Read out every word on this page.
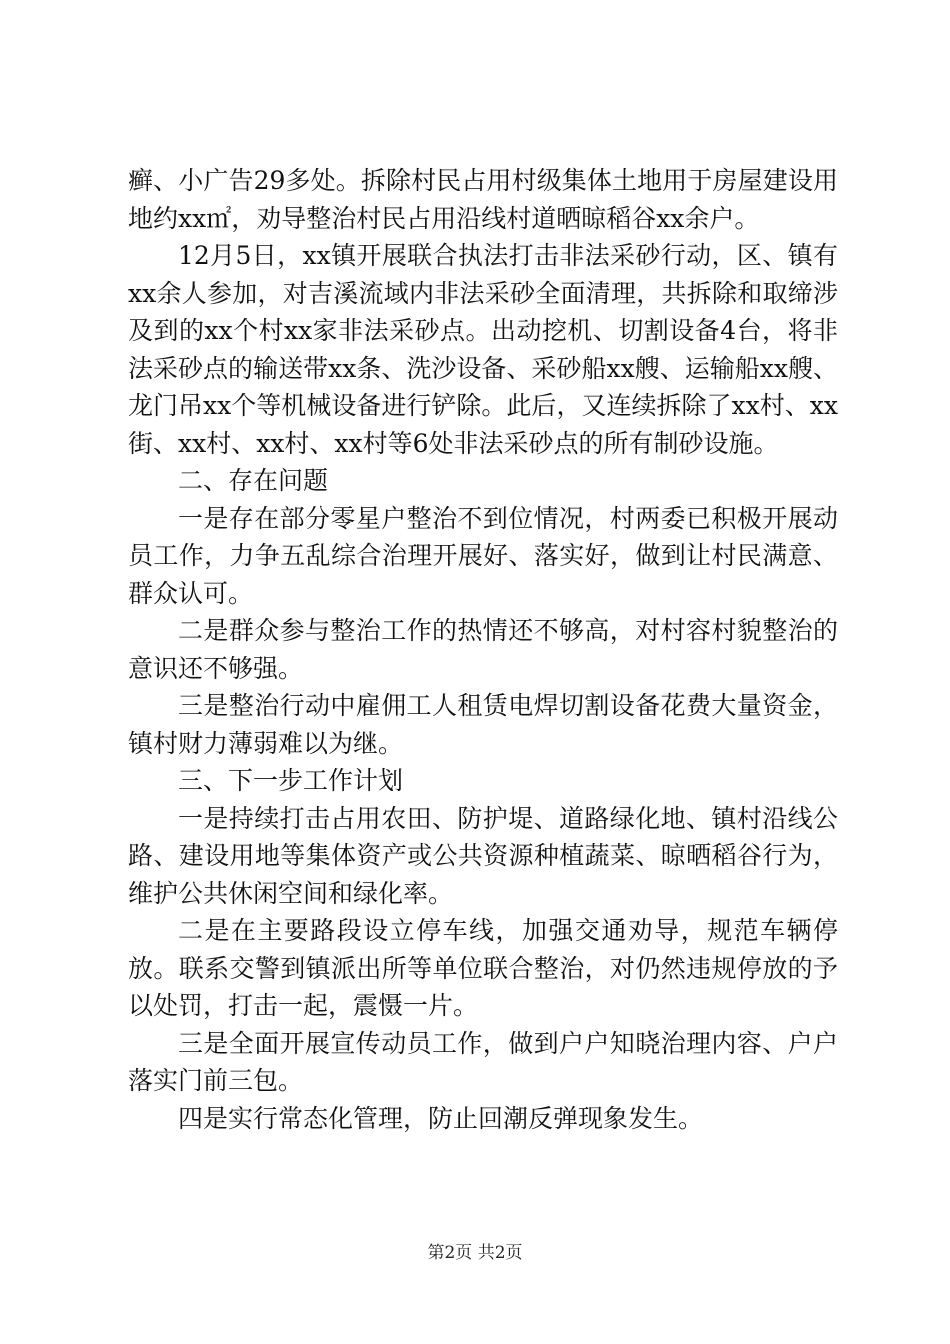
癣、小广告29多处。拆除村民占用村级集体土地用于房屋建设用地约xx㎡，劝导整治村民占用沿线村道晒晾稻谷xx余户。

12月5日，xx镇开展联合执法打击非法采砂行动，区、镇有xx余人参加，对吉溪流域内非法采砂全面清理，共拆除和取缔涉及到的xx个村xx家非法采砂点。出动挖机、切割设备4台，将非法采砂点的输送带xx条、洗沙设备、采砂船xx艘、运输船xx艘、龙门吊xx个等机械设备进行铲除。此后，又连续拆除了xx村、xx街、xx村、xx村、xx村等6处非法采砂点的所有制砂设施。

二、存在问题

一是存在部分零星户整治不到位情况，村两委已积极开展动员工作，力争五乱综合治理开展好、落实好，做到让村民满意、群众认可。

二是群众参与整治工作的热情还不够高，对村容村貌整治的意识还不够强。

三是整治行动中雇佣工人租赁电焊切割设备花费大量资金，镇村财力薄弱难以为继。

三、下一步工作计划

一是持续打击占用农田、防护堤、道路绿化地、镇村沿线公路、建设用地等集体资产或公共资源种植蔬菜、晾晒稻谷行为，维护公共休闲空间和绿化率。

二是在主要路段设立停车线，加强交通劝导，规范车辆停放。联系交警到镇派出所等单位联合整治，对仍然违规停放的予以处罚，打击一起，震慑一片。

三是全面开展宣传动员工作，做到户户知晓治理内容、户户落实门前三包。

四是实行常态化管理，防止回潮反弹现象发生。

第2页 共2页
